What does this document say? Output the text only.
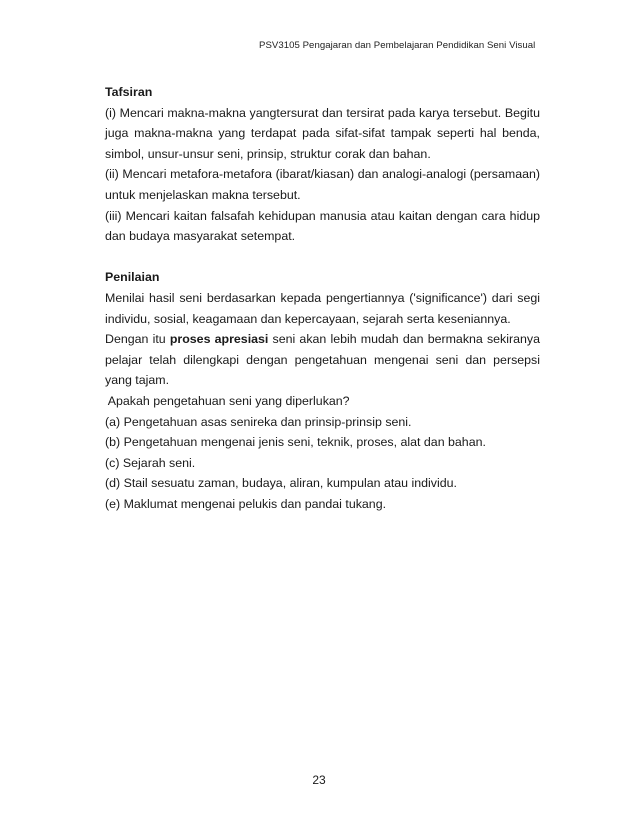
PSV3105 Pengajaran dan Pembelajaran Pendidikan Seni Visual

Tafsiran

(i) Mencari makna-makna yangtersurat dan tersirat pada karya tersebut. Begitu juga makna-makna yang terdapat pada sifat-sifat tampak seperti hal benda, simbol, unsur-unsur seni, prinsip, struktur corak dan bahan.

(ii) Mencari metafora-metafora (ibarat/kiasan) dan analogi-analogi (persamaan) untuk menjelaskan makna tersebut.

(iii) Mencari kaitan falsafah kehidupan manusia atau kaitan dengan cara hidup dan budaya masyarakat setempat.

Penilaian

Menilai hasil seni berdasarkan kepada pengertiannya ('significance') dari segi individu, sosial, keagamaan dan kepercayaan, sejarah serta keseniannya.

Dengan itu proses apresiasi seni akan lebih mudah dan bermakna sekiranya pelajar telah dilengkapi dengan pengetahuan mengenai seni dan persepsi yang tajam.

Apakah pengetahuan seni yang diperlukan?

(a) Pengetahuan asas senireka dan prinsip-prinsip seni.

(b) Pengetahuan mengenai jenis seni, teknik, proses, alat dan bahan.

(c) Sejarah seni.

(d) Stail sesuatu zaman, budaya, aliran, kumpulan atau individu.

(e) Maklumat mengenai pelukis dan pandai tukang.

23
